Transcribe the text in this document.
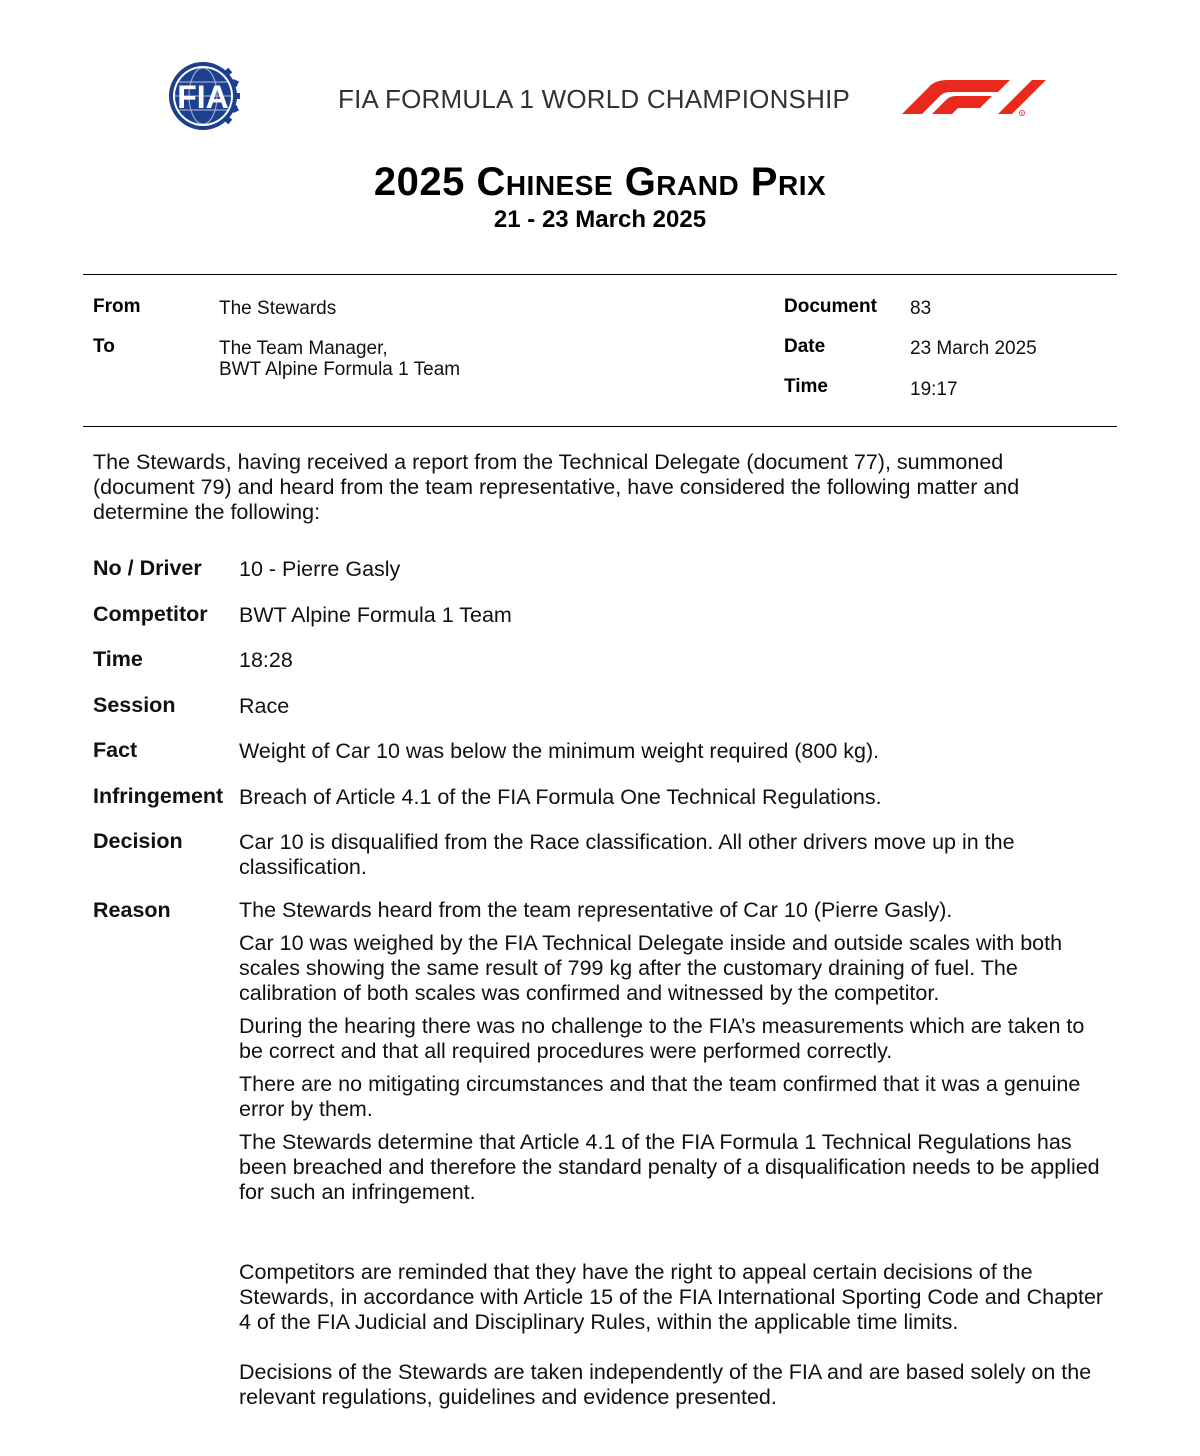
FIA	FIA FORMULA 1 WORLD CHAMPIONSHIP	R
2025 Chinese Grand Prix
21 - 23 March 2025
From	The Stewards
To	The Team Manager,
BWT Alpine Formula 1 Team
Document 83
Date	23 March 2025
Time	19:17
The Stewards, having received a report from the Technical Delegate (document 77), summoned (document 79) and heard from the team representative, have considered the following matter and determine the following:
No / Driver 10 - Pierre Gasly
Competitor BWT Alpine Formula 1 Team
Time	18:28
Session	Race
Fact	Weight of Car 10 was below the minimum weight required (800 kg).
Infringement Breach of Article 4.1 of the FIA Formula One Technical Regulations.
Decision	Car 10 is disqualified from the Race classification. All other drivers move up in the classification.
Reason	The Stewards heard from the team representative of Car 10 (Pierre Gasly).

Car 10 was weighed by the FIA Technical Delegate inside and outside scales with both scales showing the same result of 799 kg after the customary draining of fuel. The calibration of both scales was confirmed and witnessed by the competitor.

During the hearing there was no challenge to the FIA’s measurements which are taken to be correct and that all required procedures were performed correctly.

There are no mitigating circumstances and that the team confirmed that it was a genuine error by them.

The Stewards determine that Article 4.1 of the FIA Formula 1 Technical Regulations has been breached and therefore the standard penalty of a disqualification needs to be applied for such an infringement.

Competitors are reminded that they have the right to appeal certain decisions of the Stewards, in accordance with Article 15 of the FIA International Sporting Code and Chapter 4 of the FIA Judicial and Disciplinary Rules, within the applicable time limits.
Decisions of the Stewards are taken independently of the FIA and are based solely on the relevant regulations, guidelines and evidence presented.
